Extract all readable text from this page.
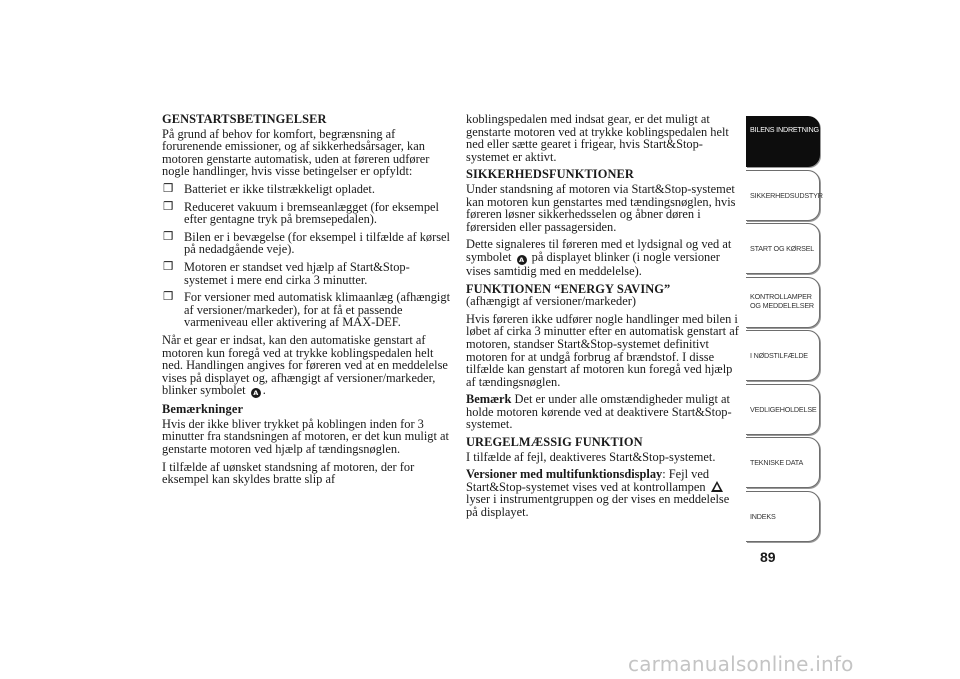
GENSTARTSBETINGELSER
På grund af behov for komfort, begrænsning af forurenende emissioner, og af sikkerhedsårsager, kan motoren genstarte automatisk, uden at føreren udfører nogle handlinger, hvis visse betingelser er opfyldt:
❒ Batteriet er ikke tilstrækkeligt opladet.
❒ Reduceret vakuum i bremseanlægget (for eksempel efter gentagne tryk på bremsepedalen).
❒ Bilen er i bevægelse (for eksempel i tilfælde af kørsel på nedadgående veje).
❒ Motoren er standset ved hjælp af Start&Stop-systemet i mere end cirka 3 minutter.
❒ For versioner med automatisk klimaanlæg (afhængigt af versioner/markeder), for at få et passende varmeniveau eller aktivering af MAX-DEF.
Når et gear er indsat, kan den automatiske genstart af motoren kun foregå ved at trykke koblingspedalen helt ned. Handlingen angives for føreren ved at en meddelelse vises på displayet og, afhængigt af versioner/markeder, blinker symbolet A .
Bemærkninger
Hvis der ikke bliver trykket på koblingen inden for 3 minutter fra standsningen af motoren, er det kun muligt at genstarte motoren ved hjælp af tændingsnøglen.
I tilfælde af uønsket standsning af motoren, der for eksempel kan skyldes bratte slip af
koblingspedalen med indsat gear, er det muligt at genstarte motoren ved at trykke koblingspedalen helt ned eller sætte gearet i frigear, hvis Start&Stop-systemet er aktivt.
SIKKERHEDSFUNKTIONER
Under standsning af motoren via Start&Stop-systemet kan motoren kun genstartes med tændingsnøglen, hvis føreren løsner sikkerhedsselen og åbner døren i førersiden eller passagersiden.
Dette signaleres til føreren med et lydsignal og ved at symbolet A på displayet blinker (i nogle versioner vises samtidig med en meddelelse).
FUNKTIONEN “ENERGY SAVING”
(afhængigt af versioner/markeder)
Hvis føreren ikke udfører nogle handlinger med bilen i løbet af cirka 3 minutter efter en automatisk genstart af motoren, standser Start&Stop-systemet definitivt motoren for at undgå forbrug af brændstof. I disse tilfælde kan genstart af motoren kun foregå ved hjælp af tændingsnøglen.
Bemærk Det er under alle omstændigheder muligt at holde motoren kørende ved at deaktivere Start&Stop-systemet.
UREGELMÆSSIG FUNKTION
I tilfælde af fejl, deaktiveres Start&Stop-systemet.
Versioner med multifunktionsdisplay: Fejl ved Start&Stop-systemet vises ved at kontrollampen lyser i instrumentgruppen og der vises en meddelelse på displayet.
BILENS INDRETNING
SIKKERHEDSUDSTYR
START OG KØRSEL
KONTROLLAMPER OG MEDDELELSER
I NØDSTILFÆLDE
VEDLIGEHOLDELSE
TEKNISKE DATA
INDEKS
89
carmanualsonline.info
